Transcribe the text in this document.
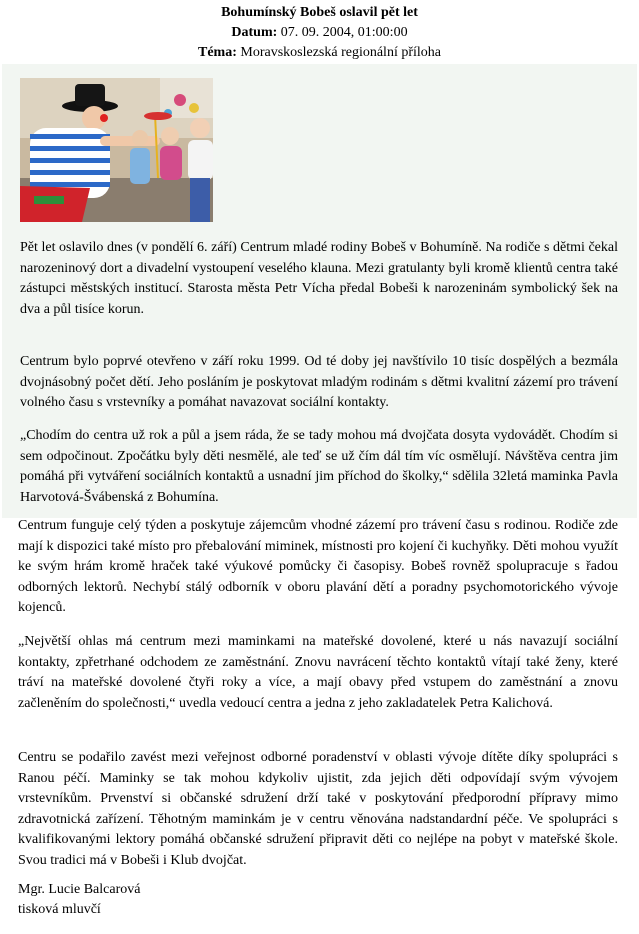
Bohumínský Bobeš oslavil pět let
Datum: 07. 09. 2004, 01:00:00
Téma: Moravskoslezská regionální příloha
Pět let oslavilo dnes (v pondělí 6. září) Centrum mladé rodiny Bobeš v Bohumíně. Na rodiče s dětmi čekal narozeninový dort a divadelní vystoupení veselého klauna. Mezi gratulanty byli kromě klientů centra také zástupci městských institucí. Starosta města Petr Vícha předal Bobeši k narozeninám symbolický šek na dva a půl tisíce korun.
Centrum bylo poprvé otevřeno v září roku 1999. Od té doby jej navštívilo 10 tisíc dospělých a bezmála dvojnásobný počet dětí. Jeho posláním je poskytovat mladým rodinám s dětmi kvalitní zázemí pro trávení volného času s vrstevníky a pomáhat navazovat sociální kontakty.
„Chodím do centra už rok a půl a jsem ráda, že se tady mohou má dvojčata dosyta vydovádět. Chodím si sem odpočinout. Zpočátku byly děti nesmělé, ale teď se už čím dál tím víc osmělují. Návštěva centra jim pomáhá při vytváření sociálních kontaktů a usnadní jim příchod do školky,“ sdělila 32letá maminka Pavla Harvotová-Švábenská z Bohumína.
Centrum funguje celý týden a poskytuje zájemcům vhodné zázemí pro trávení času s rodinou. Rodiče zde mají k dispozici také místo pro přebalování miminek, místnosti pro kojení či kuchyňky. Děti mohou využít ke svým hrám kromě hraček také výukové pomůcky či časopisy. Bobeš rovněž spolupracuje s řadou odborných lektorů. Nechybí stálý odborník v oboru plavání dětí a poradny psychomotorického vývoje kojenců.
„Největší ohlas má centrum mezi maminkami na mateřské dovolené, které u nás navazují sociální kontakty, zpřetrhané odchodem ze zaměstnání. Znovu navrácení těchto kontaktů vítají také ženy, které tráví na mateřské dovolené čtyři roky a více, a mají obavy před vstupem do zaměstnání a znovu začleněním do společnosti,“ uvedla vedoucí centra a jedna z jeho zakladatelek Petra Kalichová.
Centru se podařilo zavést mezi veřejnost odborné poradenství v oblasti vývoje dítěte díky spolupráci s Ranou péčí. Maminky se tak mohou kdykoliv ujistit, zda jejich děti odpovídají svým vývojem vrstevníkům. Prvenství si občanské sdružení drží také v poskytování předporodní přípravy mimo zdravotnická zařízení. Těhotným maminkám je v centru věnována nadstandardní péče. Ve spolupráci s kvalifikovanými lektory pomáhá občanské sdružení připravit děti co nejlépe na pobyt v mateřské škole. Svou tradici má v Bobeši i Klub dvojčat.
Mgr. Lucie Balcarová
tisková mluvčí
